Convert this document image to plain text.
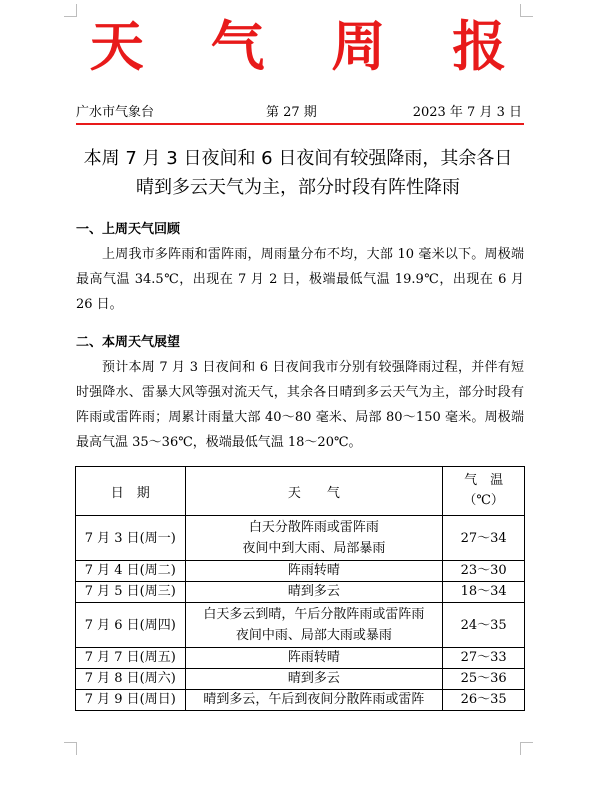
天 气 周 报
广水市气象台	第 27 期	2023 年 7 月 3 日
本周 7 月 3 日夜间和 6 日夜间有较强降雨，其余各日
晴到多云天气为主，部分时段有阵性降雨
一、上周天气回顾
上周我市多阵雨和雷阵雨，周雨量分布不均，大部 10 毫米以下。周极端最高气温 34.5℃，出现在 7 月 2 日，极端最低气温 19.9℃，出现在 6 月 26 日。
二、本周天气展望
预计本周 7 月 3 日夜间和 6 日夜间我市分别有较强降雨过程，并伴有短时强降水、雷暴大风等强对流天气，其余各日晴到多云天气为主，部分时段有阵雨或雷阵雨；周累计雨量大部 40～80 毫米、局部 80～150 毫米。周极端最高气温 35～36℃，极端最低气温 18～20℃。
日　期	天　　气	气　温
（℃）

7 月 3 日(周一)	白天分散阵雨或雷阵雨
夜间中到大雨、局部暴雨	27～34
7 月 4 日(周二)	阵雨转晴	23～30
7 月 5 日(周三)	晴到多云	18～34
7 月 6 日(周四)	白天多云到晴，午后分散阵雨或雷阵雨
夜间中雨、局部大雨或暴雨	24～35
7 月 7 日(周五)	阵雨转晴	27～33
7 月 8 日(周六)	晴到多云	25～36
7 月 9 日(周日)	晴到多云，午后到夜间分散阵雨或雷阵	26～35
